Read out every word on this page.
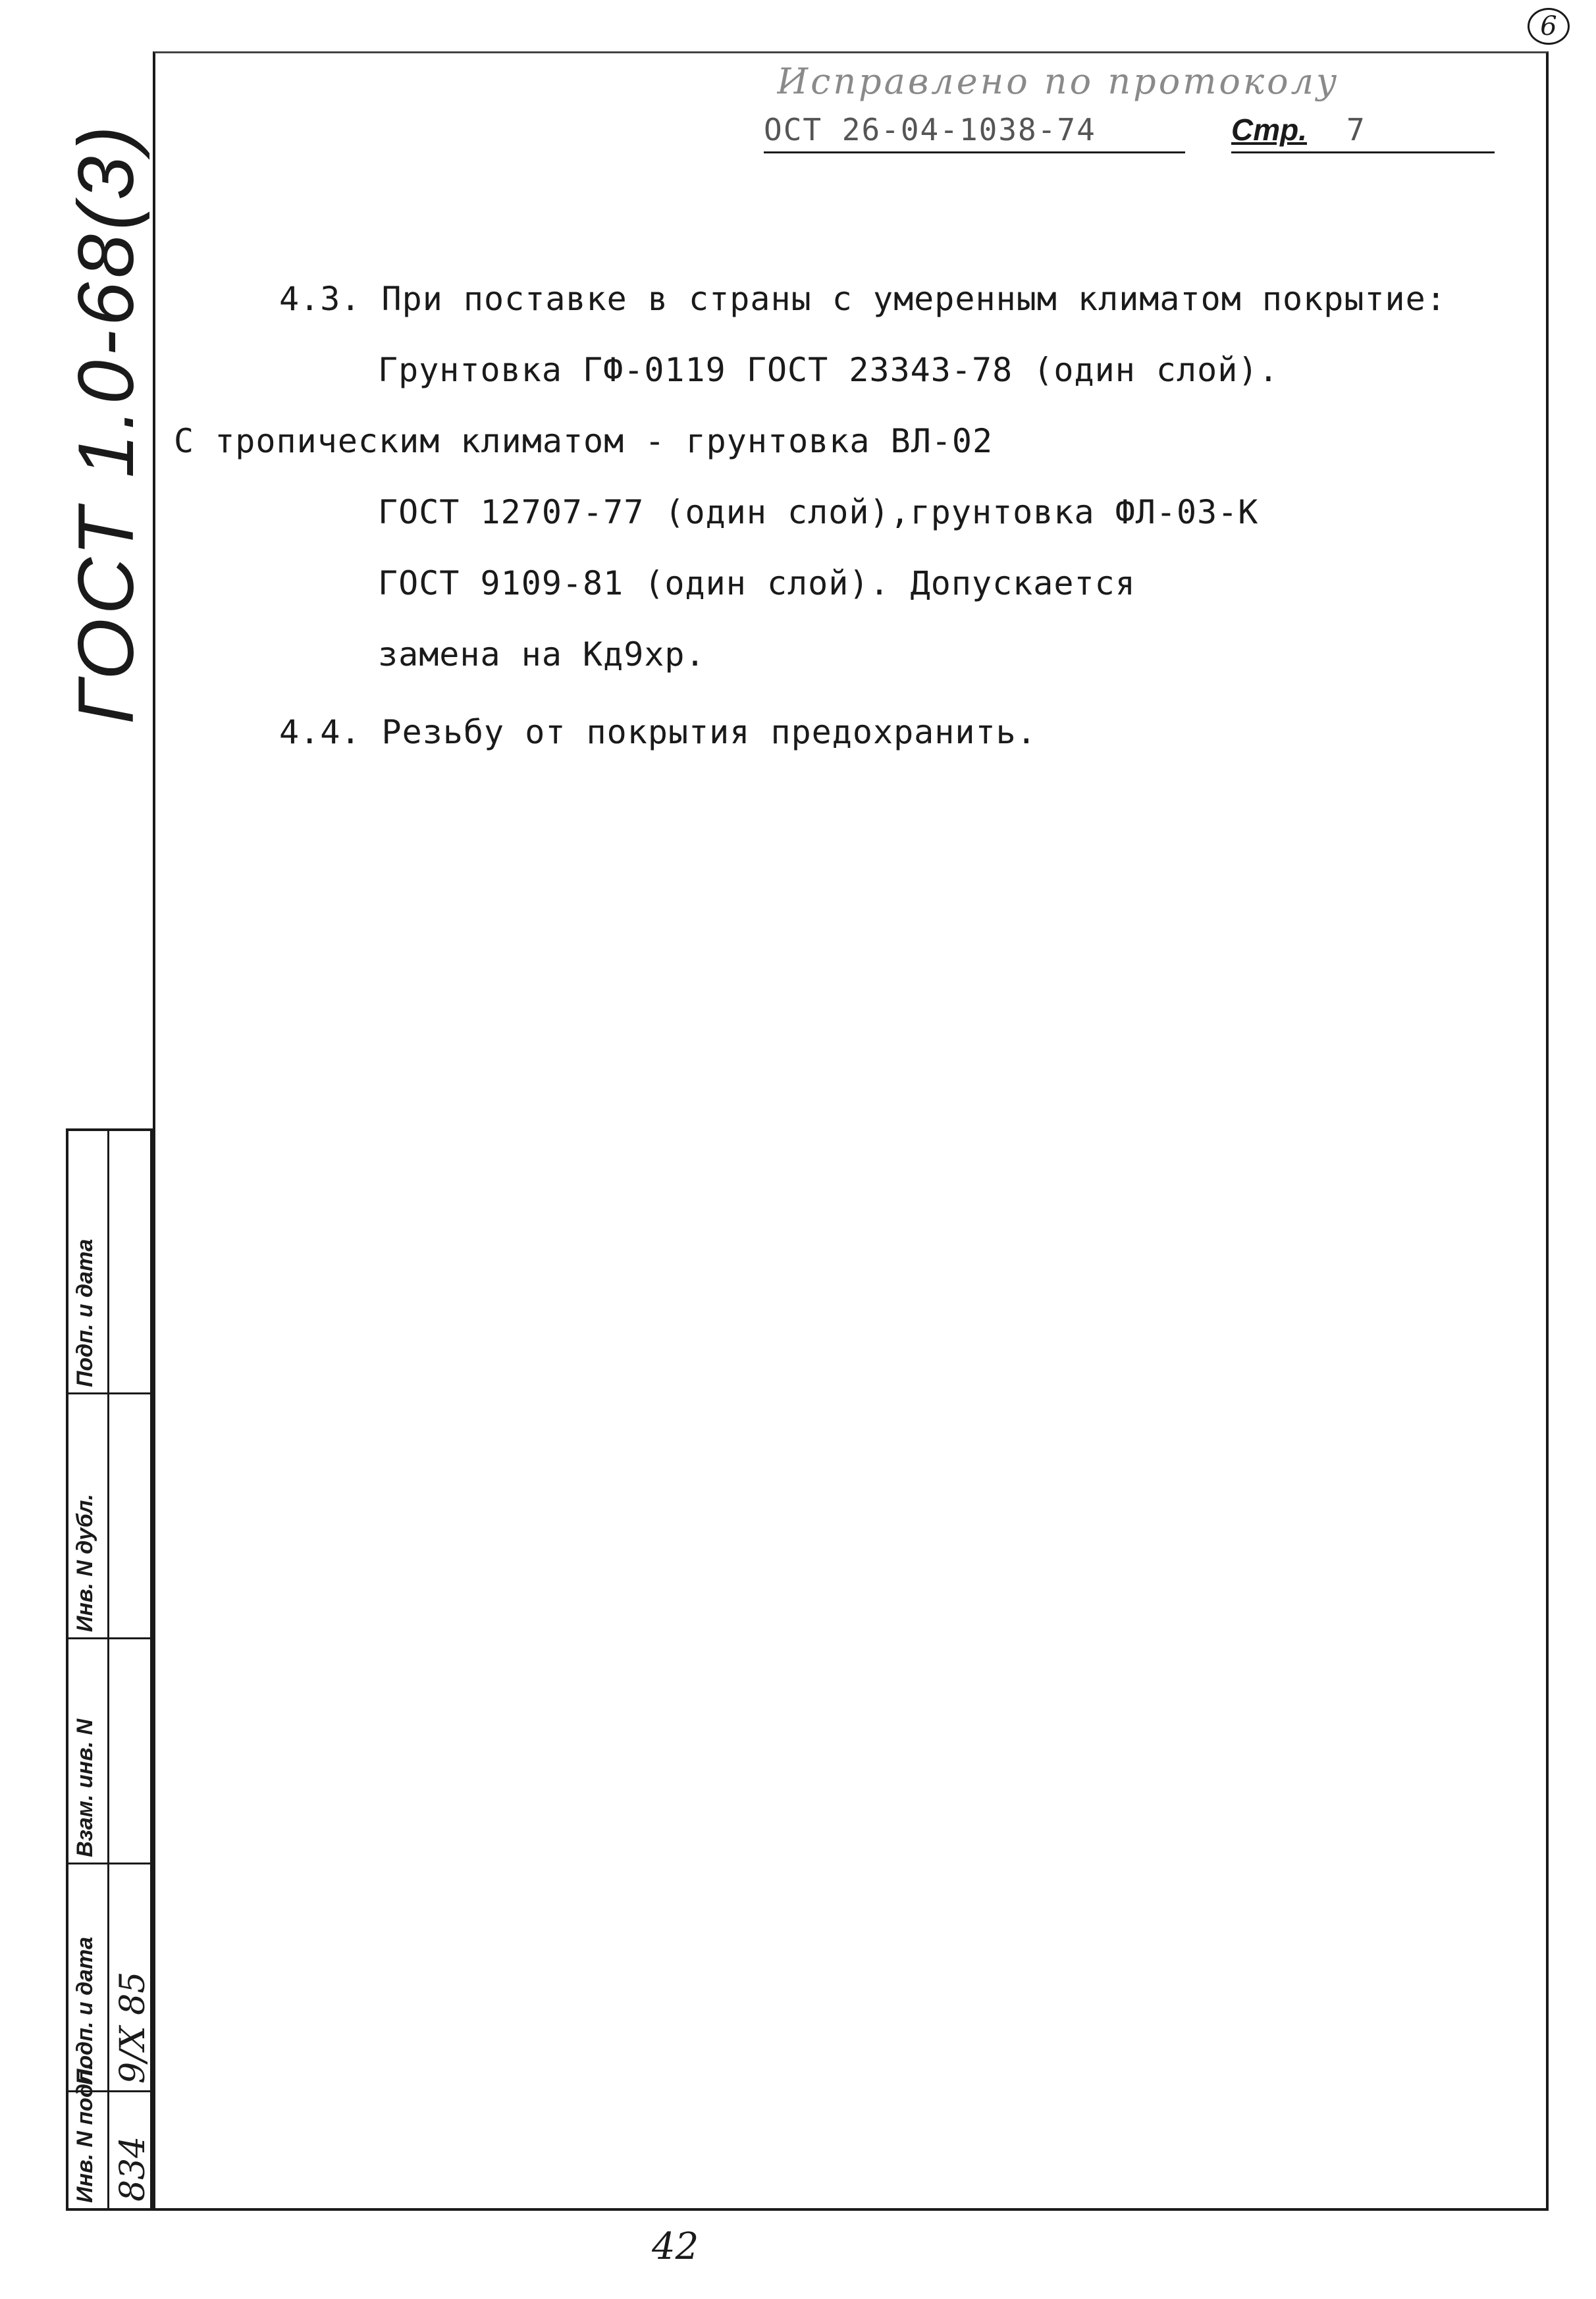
6
Исправлено по протоколу
ОСТ 26-04-1038-74	Стр. 7
ГОСТ 1.0-68(3)	4.3. При поставке в страны с умеренным климатом покрытие:
Грунтовка ГФ-0119 ГОСТ 23343-78 (один слой).
С тропическим климатом - грунтовка ВЛ-02
ГОСТ 12707-77 (один слой),грунтовка ФЛ-03-К
ГОСТ 9109-81 (один слой). Допускается
замена на Кд9хр.
4.4. Резьбу от покрытия предохранить.
Подп. и дата
Инв. N дубл.
Взам. инв. N
Подп. и дата 9/X 85
Инв. N подл. 834
42
